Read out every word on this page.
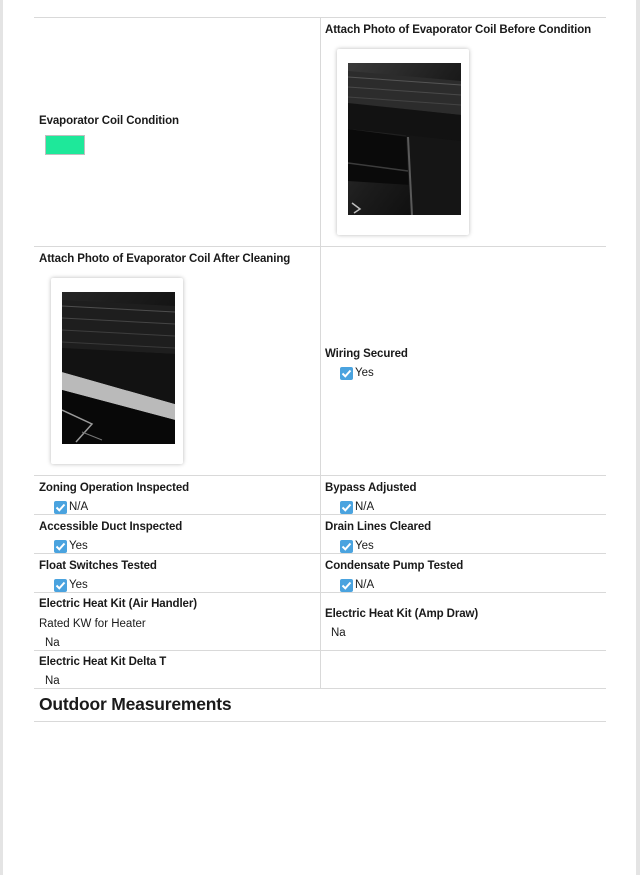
Evaporator Coil Condition
Attach Photo of Evaporator Coil Before Condition
Attach Photo of Evaporator Coil After Cleaning
Wiring Secured
Yes
Zoning Operation Inspected
N/A
Bypass Adjusted
N/A
Accessible Duct Inspected
Yes
Drain Lines Cleared
Yes
Float Switches Tested
Yes
Condensate Pump Tested
N/A
Electric Heat Kit (Air Handler)
Rated KW for Heater
Na
Electric Heat Kit (Amp Draw)
Na
Electric Heat Kit Delta T
Na
Outdoor Measurements
